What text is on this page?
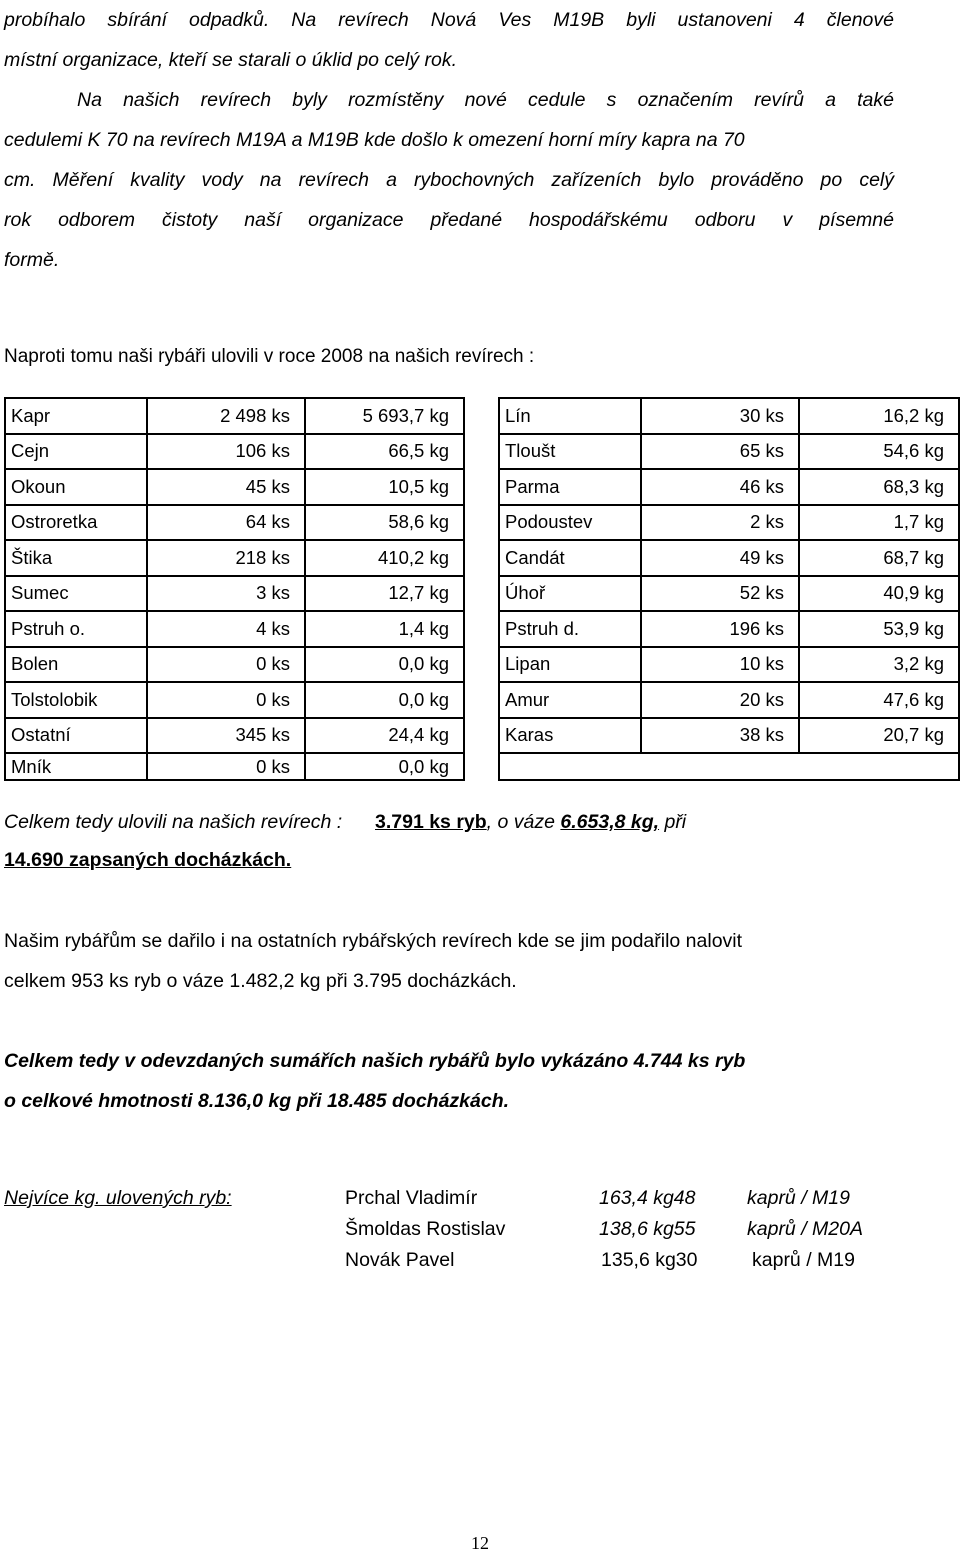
probíhalo sbírání odpadků. Na revírech Nová Ves M19B byli ustanoveni 4 členové
místní organizace, kteří se starali o úklid po celý rok.
Na našich revírech byly rozmístěny nové cedule s označením revírů a také
cedulemi K 70 na revírech M19A a M19B kde došlo k omezení horní míry kapra na 70
cm. Měření kvality vody na revírech a rybochovných zařízeních bylo prováděno po celý
rok odborem čistoty naší organizace předané hospodářskému odboru v písemné
formě.
Naproti tomu naši rybáři ulovili v roce 2008 na našich revírech :
Kapr	2 498 ks	5 693,7 kg
Cejn	106 ks	66,5 kg
Okoun	45 ks	10,5 kg
Ostroretka	64 ks	58,6 kg
Štika	218 ks	410,2 kg
Sumec	3 ks	12,7 kg
Pstruh o.	4 ks	1,4 kg
Bolen	0 ks	0,0 kg
Tolstolobik	0 ks	0,0 kg
Ostatní	345 ks	24,4 kg
Mník	0 ks	0,0 kg
Lín	30 ks	16,2 kg
Tloušt	65 ks	54,6 kg
Parma	46 ks	68,3 kg
Podoustev	2 ks	1,7 kg
Candát	49 ks	68,7 kg
Úhoř	52 ks	40,9 kg
Pstruh d.	196 ks	53,9 kg
Lipan	10 ks	3,2 kg
Amur	20 ks	47,6 kg
Karas	38 ks	20,7 kg

Celkem tedy ulovili na našich revírech : 3.791 ks ryb, o váze 6.653,8 kg, při
14.690 zapsaných docházkách.
Našim rybářům se dařilo i na ostatních rybářských revírech kde se jim podařilo nalovit
celkem 953 ks ryb o váze 1.482,2 kg při 3.795 docházkách.
Celkem tedy v odevzdaných sumářích našich rybářů bylo vykázáno 4.744 ks ryb
o celkové hmotnosti 8.136,0 kg při 18.485 docházkách.
Nejvíce kg. ulovených ryb:	Prchal Vladimír	163,4 kg48	kaprů / M19
Šmoldas Rostislav	138,6 kg55	kaprů / M20A
Novák Pavel	135,6 kg30	kaprů / M19
12
